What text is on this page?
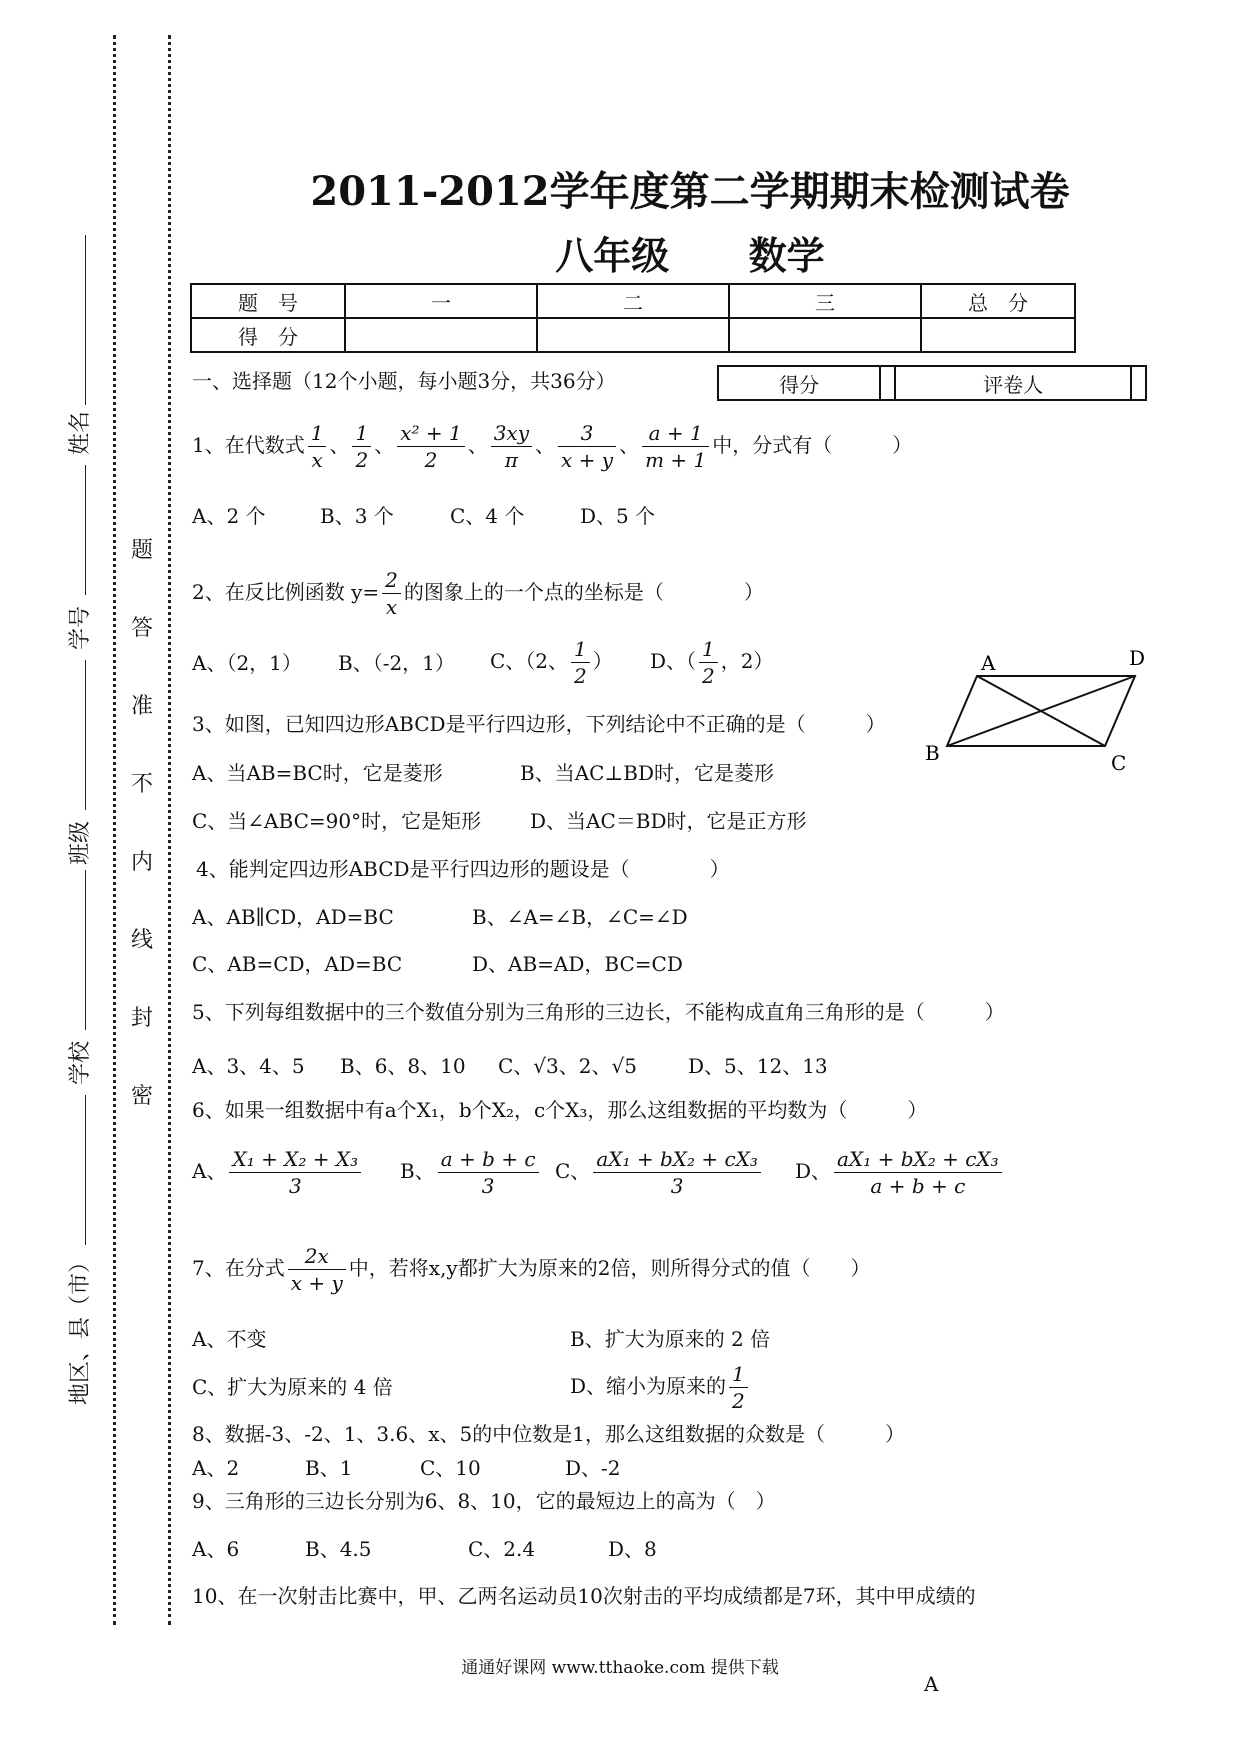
姓名
学号
班级
学校
地区、县（市）
题
答
准
不
内
线
封
密
2011-2012学年度第二学期期末检测试卷
八年级      数学
题　号	一	二	三	总　分
得　分				
一、选择题（12个小题，每小题3分，共36分）	得分		评卷人	
1、在代数式 $\frac{1}{x}$ 、 $\frac{1}{2}$ 、 $\frac{\text{x² + 1}}{2}$ 、 $\frac{3xy}{\pi}$ 、 $\frac{3}{x + y}$ 、 $\frac{a + 1}{m + 1}$ 中，分式有（　　　）
A、2 个	B、3 个	C、4 个	D、5 个
2、在反比例函数 $y= \frac{2}{x}$ 的图象上的一个点的坐标是（　　　　）
A、（2，1） B、（-2，1） C、（2、 $\frac{1}{2}$ ） D、（ $\frac{1}{2}$ ，2）	A	D
B	C
3、如图，已知四边形ABCD是平行四边形，下列结论中不正确的是（　　　）
A、当AB=BC时，它是菱形	B、当AC⊥BD时，它是菱形
C、当∠ABC=90°时，它是矩形 D、当AC＝BD时，它是正方形
4、能判定四边形ABCD是平行四边形的题设是（　　　　）
A、AB∥CD，AD=BC	B、∠A=∠B，∠C=∠D
C、AB=CD，AD=BC	D、AB=AD，BC=CD
5、下列每组数据中的三个数值分别为三角形的三边长，不能构成直角三角形的是（　　　）
A、3、4、5 B、6、8、10 C、√3、2、√5	D、5、12、13
6、如果一组数据中有a个X₁，b个X₂，c个X₃，那么这组数据的平均数为（　　　）
A、 $\frac{\text{X₁ + X₂ + X₃}}{3}$ B、 $\frac{a + b + c}{3}$ C、 $\frac{\text{aX₁ + bX₂ + cX₃}}{3}$ D、 $\frac{\text{aX₁ + bX₂ + cX₃}}{a + b + c}$
7、在分式 $\frac{2x}{x + y}$ 中，若将x,y都扩大为原来的2倍，则所得分式的值（　　）
A、不变	B、扩大为原来的 2 倍
C、扩大为原来的 4 倍	D、缩小为原来的 $\frac{1}{2}$
8、数据-3、-2、1、3.6、x、5的中位数是1，那么这组数据的众数是（　　　）
A、2	B、1	C、10	D、-2
9、三角形的三边长分别为6、8、10，它的最短边上的高为（　）
A、6	B、4.5	C、2.4	D、8
10、在一次射击比赛中，甲、乙两名运动员10次射击的平均成绩都是7环，其中甲成绩的
通通好课网 www.tthaoke.com 提供下载
A
